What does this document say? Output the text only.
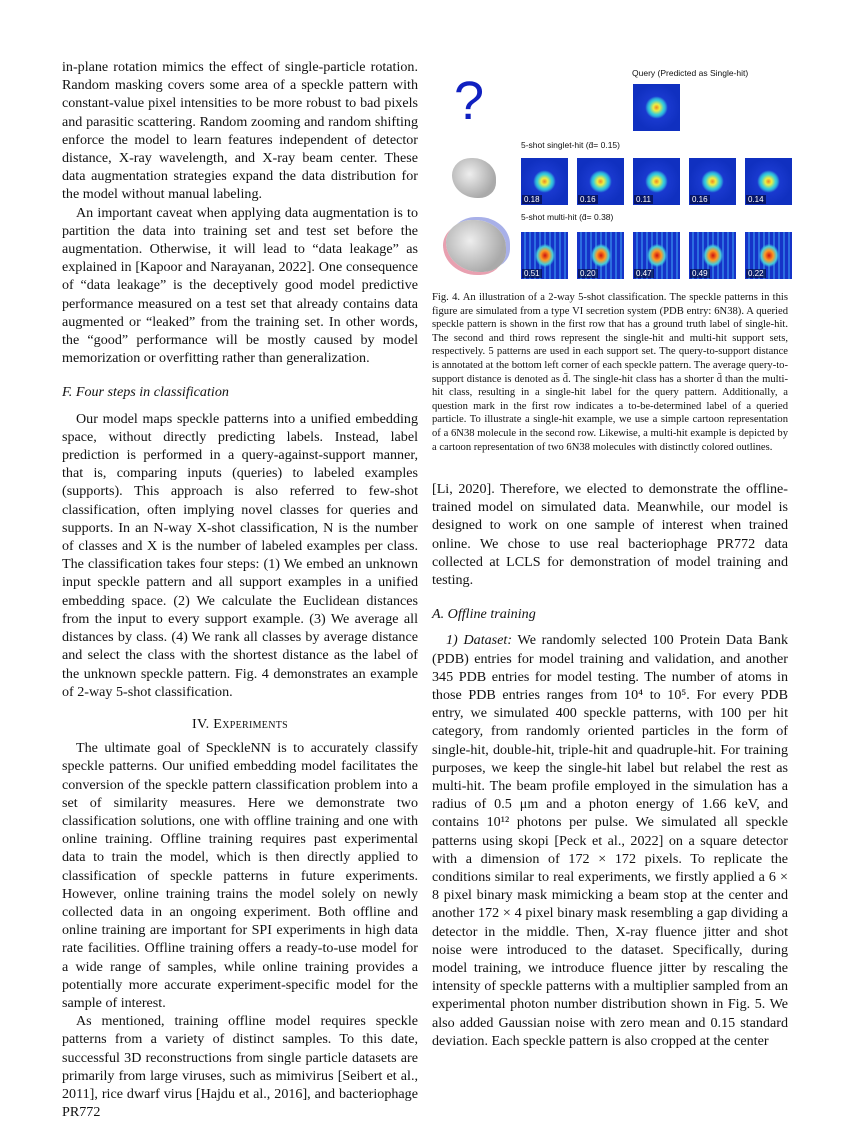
in-plane rotation mimics the effect of single-particle rotation. Random masking covers some area of a speckle pattern with constant-value pixel intensities to be more robust to bad pixels and parasitic scattering. Random zooming and random shifting enforce the model to learn features independent of detector distance, X-ray wavelength, and X-ray beam center. These data augmentation strategies expand the data distribution for the model without manual labeling.

An important caveat when applying data augmentation is to partition the data into training set and test set before the augmentation. Otherwise, it will lead to “data leakage” as explained in [Kapoor and Narayanan, 2022]. One consequence of “data leakage” is the deceptively good model predictive performance measured on a test set that already contains data augmented or “leaked” from the training set. In other words, the “good” performance will be mostly caused by model memorization or overfitting rather than generalization.

F. Four steps in classification

Our model maps speckle patterns into a unified embedding space, without directly predicting labels. Instead, label prediction is performed in a query-against-support manner, that is, comparing inputs (queries) to labeled examples (supports). This approach is also referred to few-shot classification, often implying novel classes for queries and supports. In an N-way X-shot classification, N is the number of classes and X is the number of labeled examples per class. The classification takes four steps: (1) We embed an unknown input speckle pattern and all support examples in a unified embedding space. (2) We calculate the Euclidean distances from the input to every support example. (3) We average all distances by class. (4) We rank all classes by average distance and select the class with the shortest distance as the label of the unknown speckle pattern. Fig. 4 demonstrates an example of 2-way 5-shot classification.

IV. Experiments

The ultimate goal of SpeckleNN is to accurately classify speckle patterns. Our unified embedding model facilitates the conversion of the speckle pattern classification problem into a set of similarity measures. Here we demonstrate two classification solutions, one with offline training and one with online training. Offline training requires past experimental data to train the model, which is then directly applied to classification of speckle patterns in future experiments. However, online training trains the model solely on newly collected data in an ongoing experiment. Both offline and online training are important for SPI experiments in high data rate facilities. Offline training offers a ready-to-use model for a wide range of samples, while online training provides a potentially more accurate experiment-specific model for the sample of interest.

As mentioned, training offline model requires speckle patterns from a variety of distinct samples. To this date, successful 3D reconstructions from single particle datasets are primarily from large viruses, such as mimivirus [Seibert et al., 2011], rice dwarf virus [Hajdu et al., 2016], and bacteriophage PR772

?	Query (Predicted as Single-hit)
5-shot singlet-hit (d̄= 0.15)
5-shot multi-hit (d̄= 0.38)
0.18	0.16	0.11	0.16	0.14
0.51	0.20	0.47	0.49	0.22
Fig. 4. An illustration of a 2-way 5-shot classification. The speckle patterns in this figure are simulated from a type VI secretion system (PDB entry: 6N38). A queried speckle pattern is shown in the first row that has a ground truth label of single-hit. The second and third rows represent the single-hit and multi-hit support sets, respectively. 5 patterns are used in each support set. The query-to-support distance is annotated at the bottom left corner of each speckle pattern. The average query-to-support distance is denoted as d̄. The single-hit class has a shorter d̄ than the multi-hit class, resulting in a single-hit label for the query pattern. Additionally, a question mark in the first row indicates a to-be-determined label of a queried particle. To illustrate a single-hit example, we use a simple cartoon representation of a 6N38 molecule in the second row. Likewise, a multi-hit example is depicted by a cartoon representation of two 6N38 molecules with distinctly colored outlines.

[Li, 2020]. Therefore, we elected to demonstrate the offline-trained model on simulated data. Meanwhile, our model is designed to work on one sample of interest when trained online. We chose to use real bacteriophage PR772 data collected at LCLS for demonstration of model training and testing.

A. Offline training

1) Dataset: We randomly selected 100 Protein Data Bank (PDB) entries for model training and validation, and another 345 PDB entries for model testing. The number of atoms in those PDB entries ranges from 10⁴ to 10⁵. For every PDB entry, we simulated 400 speckle patterns, with 100 per hit category, from randomly oriented particles in the form of single-hit, double-hit, triple-hit and quadruple-hit. For training purposes, we keep the single-hit label but relabel the rest as multi-hit. The beam profile employed in the simulation has a radius of 0.5 μm and a photon energy of 1.66 keV, and contains 10¹² photons per pulse. We simulated all speckle patterns using skopi [Peck et al., 2022] on a square detector with a dimension of 172 × 172 pixels. To replicate the conditions similar to real experiments, we firstly applied a 6 × 8 pixel binary mask mimicking a beam stop at the center and another 172 × 4 pixel binary mask resembling a gap dividing a detector in the middle. Then, X-ray fluence jitter and shot noise were introduced to the dataset. Specifically, during model training, we introduce fluence jitter by rescaling the intensity of speckle patterns with a multiplier sampled from an experimental photon number distribution shown in Fig. 5. We also added Gaussian noise with zero mean and 0.15 standard deviation. Each speckle pattern is also cropped at the center
